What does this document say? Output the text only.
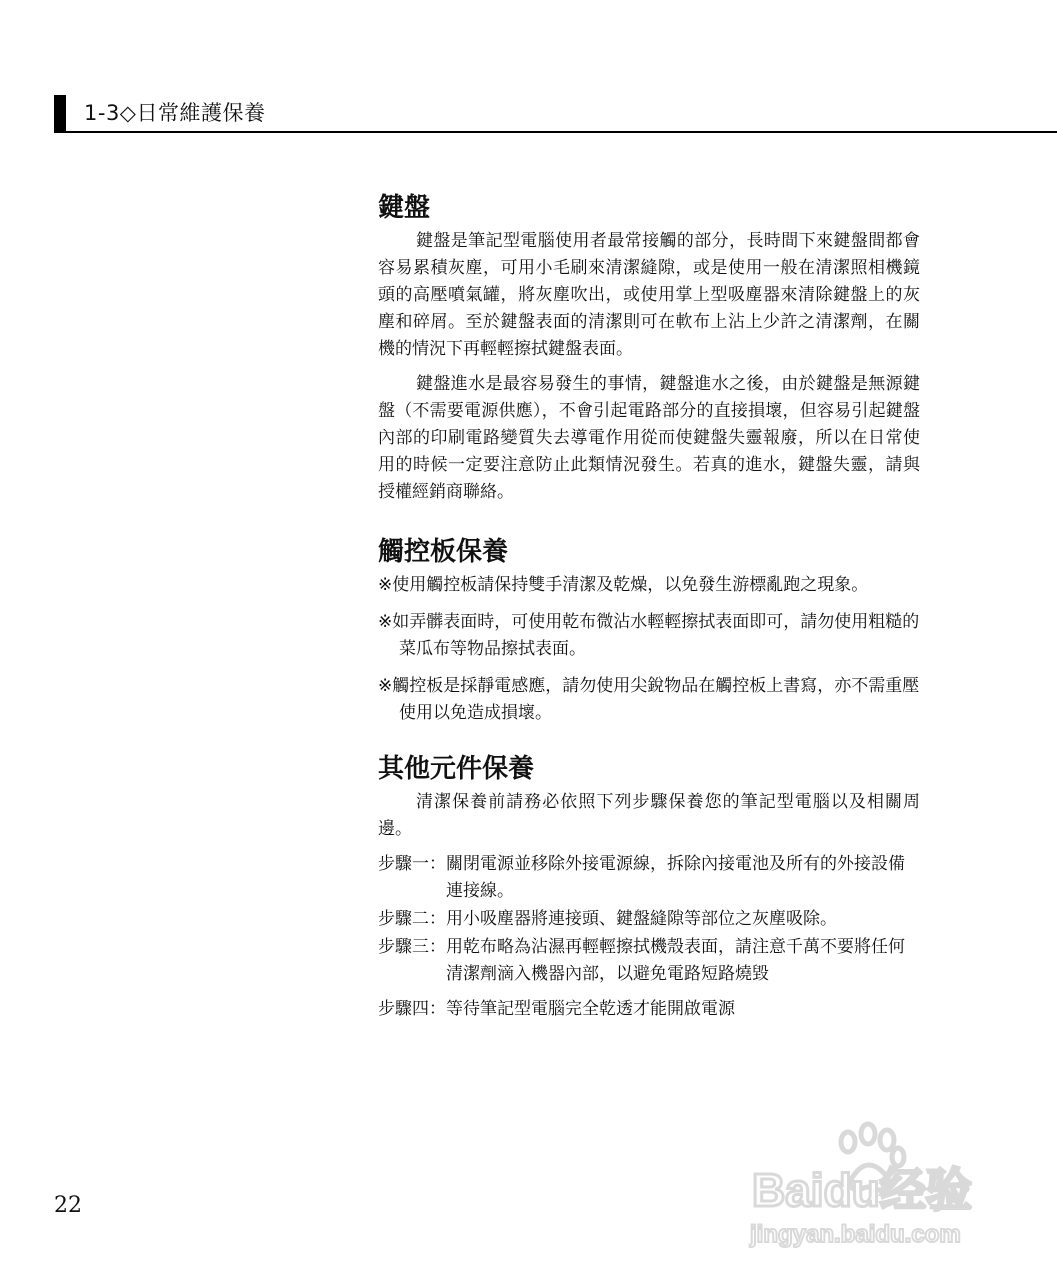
1-3◇日常維護保養
鍵盤

鍵盤是筆記型電腦使用者最常接觸的部分，長時間下來鍵盤間都會容易累積灰塵，可用小毛刷來清潔縫隙，或是使用一般在清潔照相機鏡頭的高壓噴氣罐，將灰塵吹出，或使用掌上型吸塵器來清除鍵盤上的灰塵和碎屑。至於鍵盤表面的清潔則可在軟布上沾上少許之清潔劑，在關機的情況下再輕輕擦拭鍵盤表面。

鍵盤進水是最容易發生的事情，鍵盤進水之後，由於鍵盤是無源鍵盤（不需要電源供應），不會引起電路部分的直接損壞，但容易引起鍵盤內部的印刷電路變質失去導電作用從而使鍵盤失靈報廢，所以在日常使用的時候一定要注意防止此類情況發生。若真的進水，鍵盤失靈，請與授權經銷商聯絡。

觸控板保養

※使用觸控板請保持雙手清潔及乾燥，以免發生游標亂跑之現象。

※如弄髒表面時，可使用乾布微沾水輕輕擦拭表面即可，請勿使用粗糙的菜瓜布等物品擦拭表面。

※觸控板是採靜電感應，請勿使用尖銳物品在觸控板上書寫，亦不需重壓使用以免造成損壞。

其他元件保養

清潔保養前請務必依照下列步驟保養您的筆記型電腦以及相關周邊。

步驟一： 關閉電源並移除外接電源線，拆除內接電池及所有的外接設備連接線。
步驟二： 用小吸塵器將連接頭、鍵盤縫隙等部位之灰塵吸除。
步驟三： 用乾布略為沾濕再輕輕擦拭機殼表面，請注意千萬不要將任何清潔劑滴入機器內部，以避免電路短路燒毀
步驟四： 等待筆記型電腦完全乾透才能開啟電源
22	Baidu经验
jingyan.baidu.com
